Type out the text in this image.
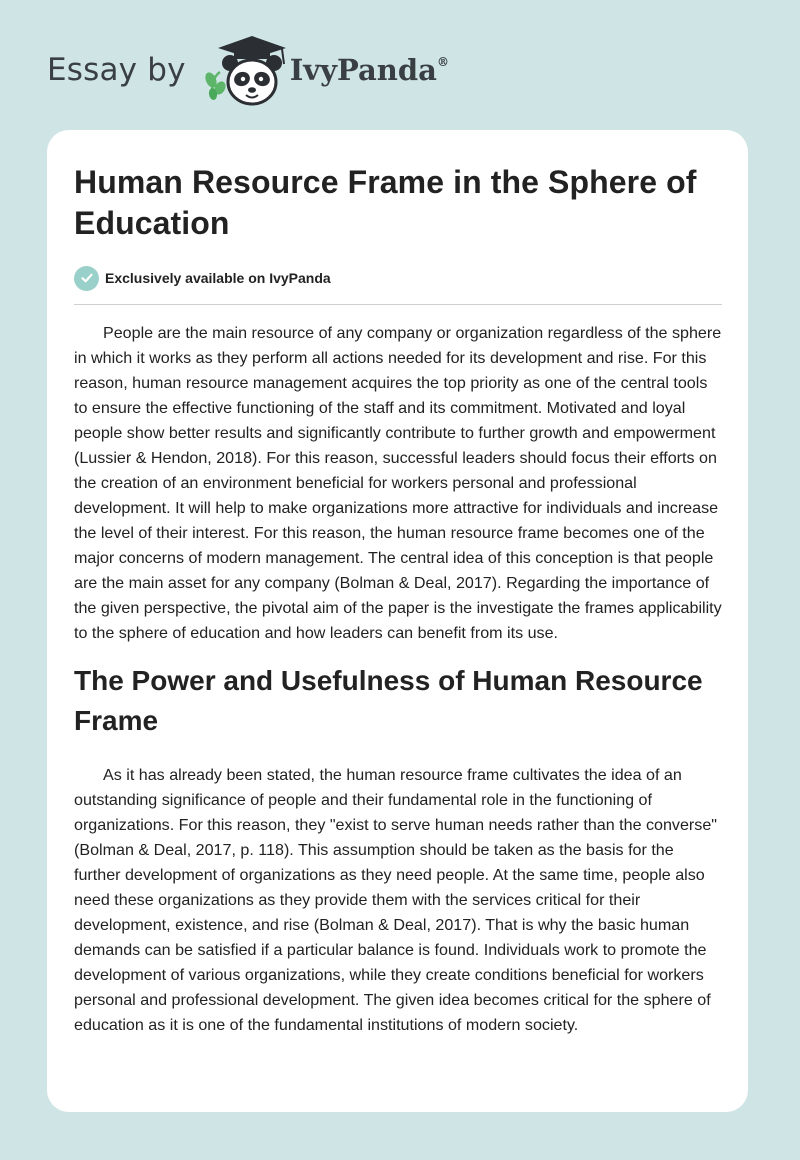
Essay by	IvyPanda®
Human Resource Frame in the Sphere of Education
Exclusively available on IvyPanda

People are the main resource of any company or organization regardless of the sphere in which it works as they perform all actions needed for its development and rise. For this reason, human resource management acquires the top priority as one of the central tools to ensure the effective functioning of the staff and its commitment. Motivated and loyal people show better results and significantly contribute to further growth and empowerment (Lussier & Hendon, 2018). For this reason, successful leaders should focus their efforts on the creation of an environment beneficial for workers personal and professional development. It will help to make organizations more attractive for individuals and increase the level of their interest. For this reason, the human resource frame becomes one of the major concerns of modern management. The central idea of this conception is that people are the main asset for any company (Bolman & Deal, 2017). Regarding the importance of the given perspective, the pivotal aim of the paper is the investigate the frames applicability to the sphere of education and how leaders can benefit from its use.

The Power and Usefulness of Human Resource Frame

As it has already been stated, the human resource frame cultivates the idea of an outstanding significance of people and their fundamental role in the functioning of organizations. For this reason, they "exist to serve human needs rather than the converse" (Bolman & Deal, 2017, p. 118). This assumption should be taken as the basis for the further development of organizations as they need people. At the same time, people also need these organizations as they provide them with the services critical for their development, existence, and rise (Bolman & Deal, 2017). That is why the basic human demands can be satisfied if a particular balance is found. Individuals work to promote the development of various organizations, while they create conditions beneficial for workers personal and professional development. The given idea becomes critical for the sphere of education as it is one of the fundamental institutions of modern society.
